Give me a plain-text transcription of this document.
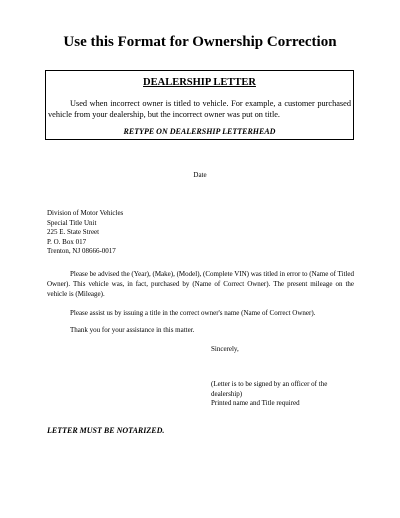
Use this Format for Ownership Correction
DEALERSHIP LETTER
Used when incorrect owner is titled to vehicle. For example, a customer purchased vehicle from your dealership, but the incorrect owner was put on title.
RETYPE ON DEALERSHIP LETTERHEAD
Date
Division of Motor Vehicles
Special Title Unit
225 E. State Street
P. O. Box 017
Trenton, NJ 08666-0017
Please be advised the (Year), (Make), (Model), (Complete VIN) was titled in error to (Name of Titled Owner). This vehicle was, in fact, purchased by (Name of Correct Owner). The present mileage on the vehicle is (Mileage).
Please assist us by issuing a title in the correct owner's name (Name of Correct Owner).
Thank you for your assistance in this matter.
Sincerely,
(Letter is to be signed by an officer of the
dealership)
Printed name and Title required
LETTER MUST BE NOTARIZED.
